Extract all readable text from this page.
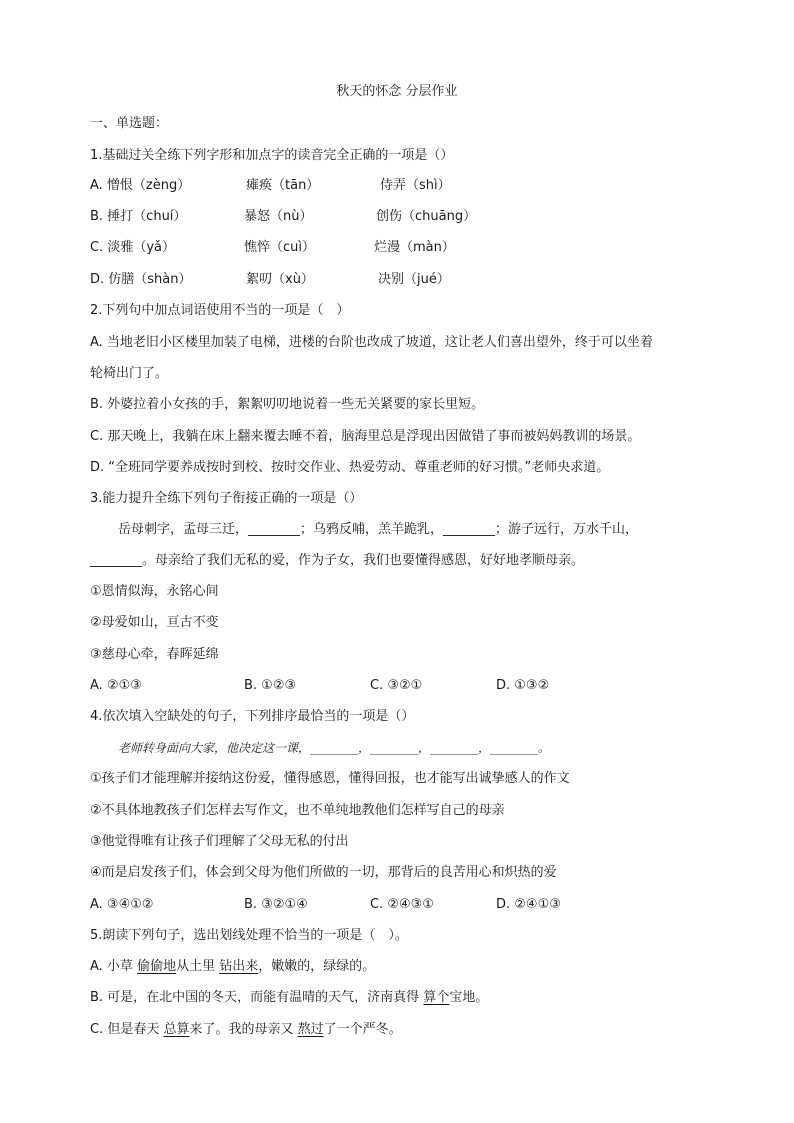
秋天的怀念 分层作业
一、单选题：
1.基础过关全练下列字形和加点字的读音完全正确的一项是（）
A. 憎恨（zèng）	瘫痪（tān）	侍弄（shì）
B. 捶打（chuí）	暴怒（nù）	创伤（chuāng）
C. 淡雅（yǎ）	憔悴（cuì）	烂漫（màn）
D. 仿膳（shàn）	絮叨（xù）	决别（jué）
2.下列句中加点词语使用不当的一项是（　）
A. 当地老旧小区楼里加装了电梯，进楼的台阶也改成了坡道，这让老人们喜出望外，终于可以坐着
轮椅出门了。
B. 外婆拉着小女孩的手，絮絮叨叨地说着一些无关紧要的家长里短。
C. 那天晚上，我躺在床上翻来覆去睡不着，脑海里总是浮现出因做错了事而被妈妈教训的场景。
D. “全班同学要养成按时到校、按时交作业、热爱劳动、尊重老师的好习惯。”老师央求道。
3.能力提升全练下列句子衔接正确的一项是（）
岳母刺字，孟母三迁，________；乌鸦反哺，羔羊跪乳，________；游子远行，万水千山，
________。母亲给了我们无私的爱，作为子女，我们也要懂得感恩，好好地孝顺母亲。
①恩情似海，永铭心间
②母爱如山，亘古不变
③慈母心牵，春晖延绵
A. ②①③	B. ①②③	C. ③②①	D. ①③②
4.依次填入空缺处的句子，下列排序最恰当的一项是（）
老师转身面向大家，他决定这一课，________，________，________，________。
①孩子们才能理解并接纳这份爱，懂得感恩，懂得回报，也才能写出诚挚感人的作文
②不具体地教孩子们怎样去写作文，也不单纯地教他们怎样写自己的母亲
③他觉得唯有让孩子们理解了父母无私的付出
④而是启发孩子们，体会到父母为他们所做的一切，那背后的良苦用心和炽热的爱
A. ③④①②	B. ③②①④	C. ②④③①	D. ②④①③
5.朗读下列句子，选出划线处理不恰当的一项是（　）。
A. 小草 偷偷地从土里 钻出来，嫩嫩的，绿绿的。
B. 可是，在北中国的冬天，而能有温晴的天气，济南真得 算个宝地。
C. 但是春天 总算来了。我的母亲又 熬过了一个严冬。
